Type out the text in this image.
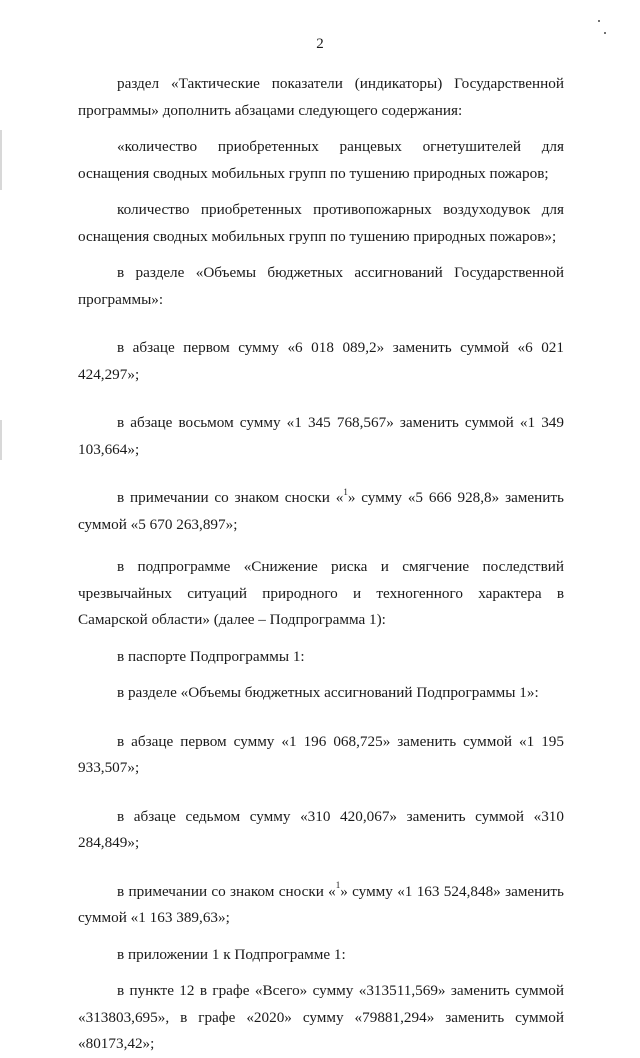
2

раздел «Тактические показатели (индикаторы) Государственной программы» дополнить абзацами следующего содержания:

«количество приобретенных ранцевых огнетушителей для оснащения сводных мобильных групп по тушению природных пожаров;

количество приобретенных противопожарных воздуходувок для оснащения сводных мобильных групп по тушению природных пожаров»;

в разделе «Объемы бюджетных ассигнований Государственной программы»:

в абзаце первом сумму «6 018 089,2» заменить суммой «6 021 424,297»;

в абзаце восьмом сумму «1 345 768,567» заменить суммой «1 349 103,664»;

в примечании со знаком сноски «$^1$» сумму «5 666 928,8» заменить суммой «5 670 263,897»;

в подпрограмме «Снижение риска и смягчение последствий чрезвычайных ситуаций природного и техногенного характера в Самарской области» (далее – Подпрограмма 1):

в паспорте Подпрограммы 1:

в разделе «Объемы бюджетных ассигнований Подпрограммы 1»:

в абзаце первом сумму «1 196 068,725» заменить суммой «1 195 933,507»;

в абзаце седьмом сумму «310 420,067» заменить суммой «310 284,849»;

в примечании со знаком сноски «$^1$» сумму «1 163 524,848» заменить суммой «1 163 389,63»;

в приложении 1 к Подпрограмме 1:

в пункте 12 в графе «Всего» сумму «313511,569» заменить суммой «313803,695», в графе «2020» сумму «79881,294» заменить суммой «80173,42»;
